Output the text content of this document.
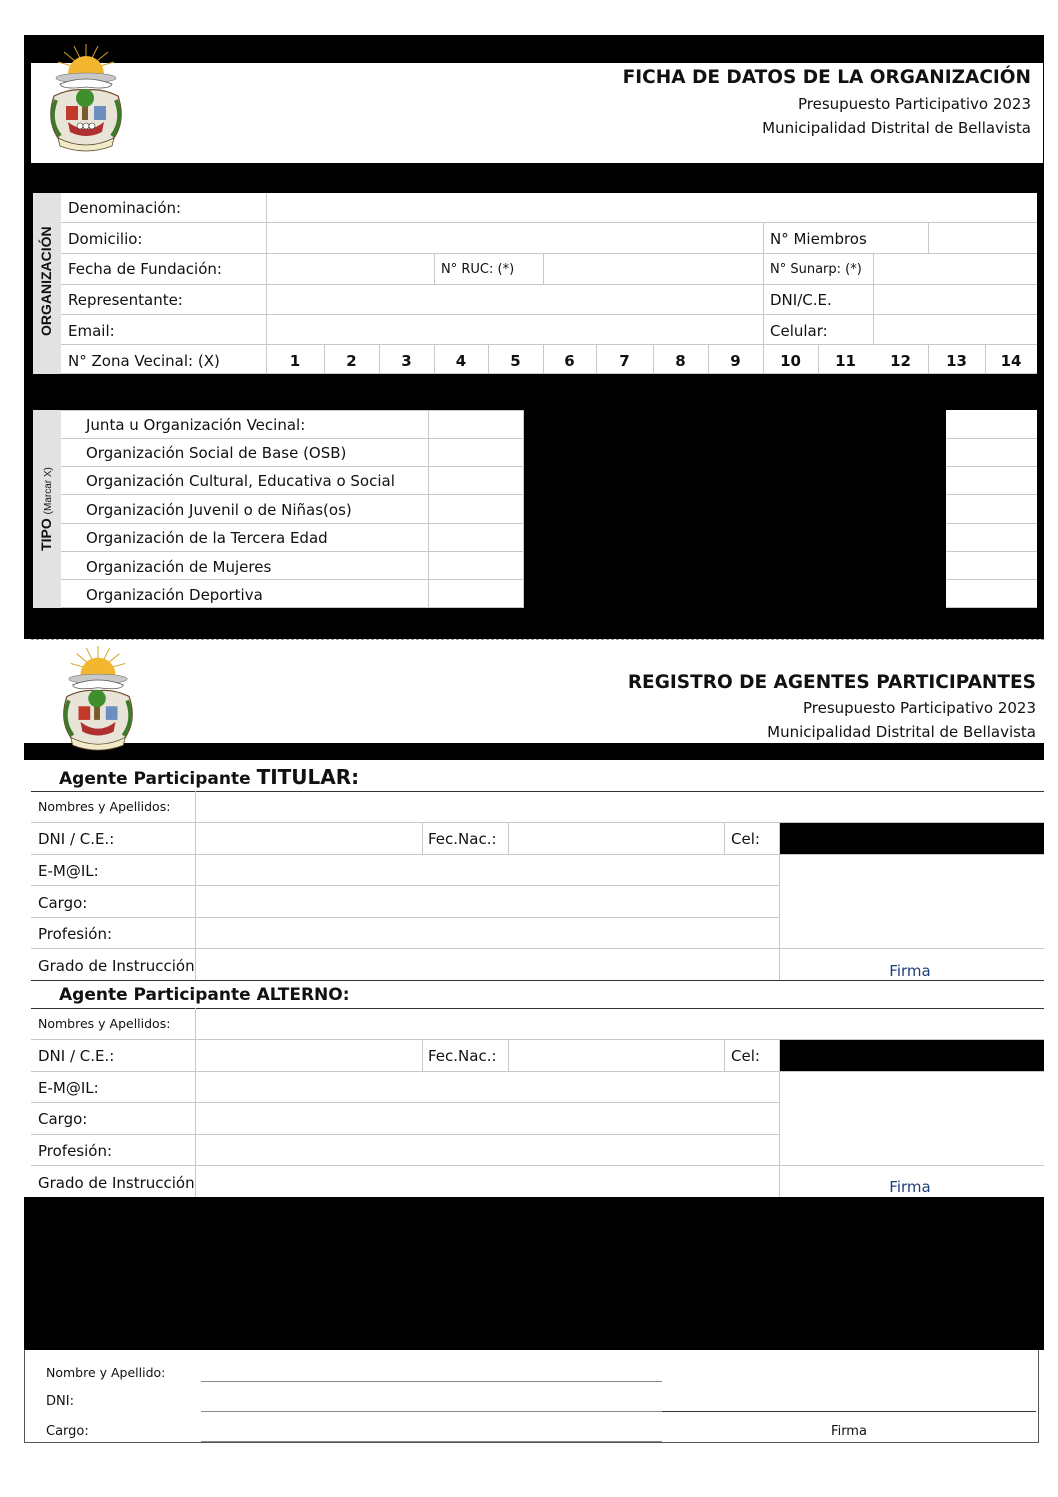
FICHA DE DATOS DE LA ORGANIZACIÓN
Presupuesto Participativo 2023
Municipalidad Distrital de Bellavista
ORGANIZACIÓN
Denominación:
Domicilio:	N° Miembros
Fecha de Fundación:	N° RUC: (*)	N° Sunarp: (*)
Representante:	DNI/C.E.
Email:	Celular:
N° Zona Vecinal: (X)	1	2	3	4	5	6	7	8	9	10	11	12	13	14
TIPO (Marcar X)
Junta u Organización Vecinal:
Organización Social de Base (OSB)
Organización Cultural, Educativa o Social
Organización Juvenil o de Niñas(os)
Organización de la Tercera Edad
Organización de Mujeres
Organización Deportiva
REGISTRO DE AGENTES PARTICIPANTES
Presupuesto Participativo 2023
Municipalidad Distrital de Bellavista
Agente Participante TITULAR:
Nombres y Apellidos:
DNI / C.E.:	Fec.Nac.:	Cel:
E-M@IL:
Cargo:
Profesión:
Grado de Instrucción	Firma
Agente Participante ALTERNO:
Nombres y Apellidos:
DNI / C.E.:	Fec.Nac.:	Cel:
E-M@IL:
Cargo:
Profesión:
Grado de Instrucción	Firma
Nombre y Apellido:
DNI:
Cargo:	Firma
